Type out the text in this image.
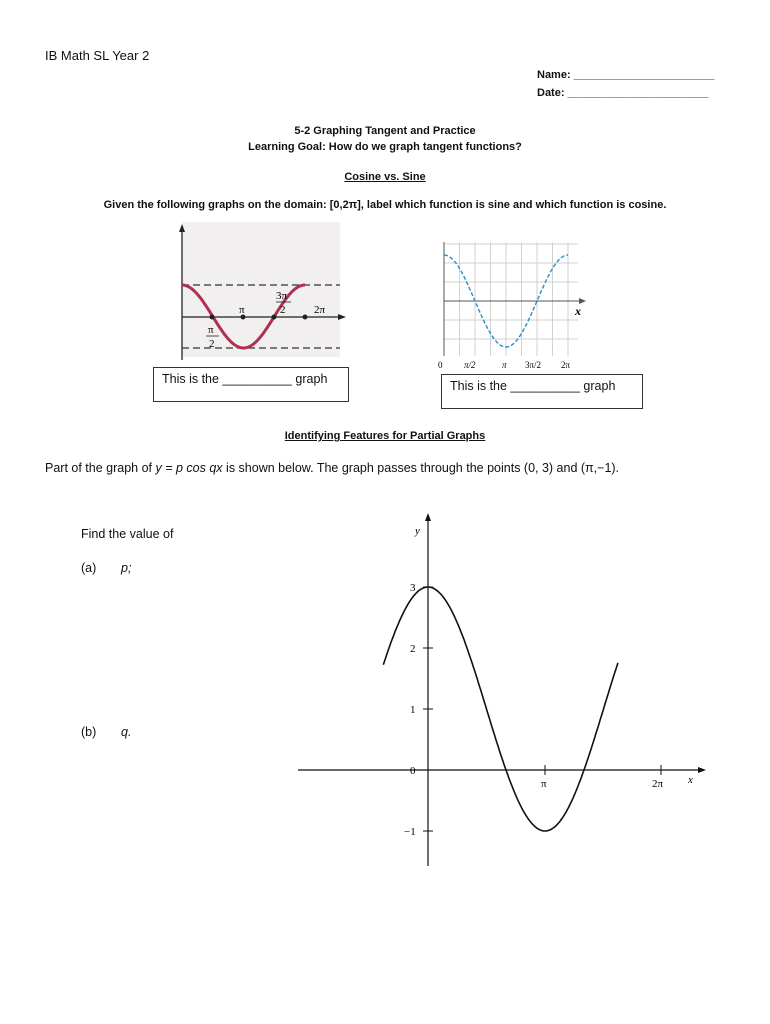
IB Math SL Year 2
Name: _______________________
Date: _______________________
5-2 Graphing Tangent and Practice
Learning Goal: How do we graph tangent functions?
Cosine vs. Sine
Given the following graphs on the domain: [0,2π], label which function is sine and which function is cosine.
π
3π
2	2π
π
2
This is the __________ graph
x
0 π/2	π 3π/2 2π
This is the __________ graph
Identifying Features for Partial Graphs
Part of the graph of y = p cos qx is shown below. The graph passes through the points (0, 3) and (π,−1).
Find the value of
(a) p;
(b) q.
y
x
3
2
1
0
−1
π	2π
